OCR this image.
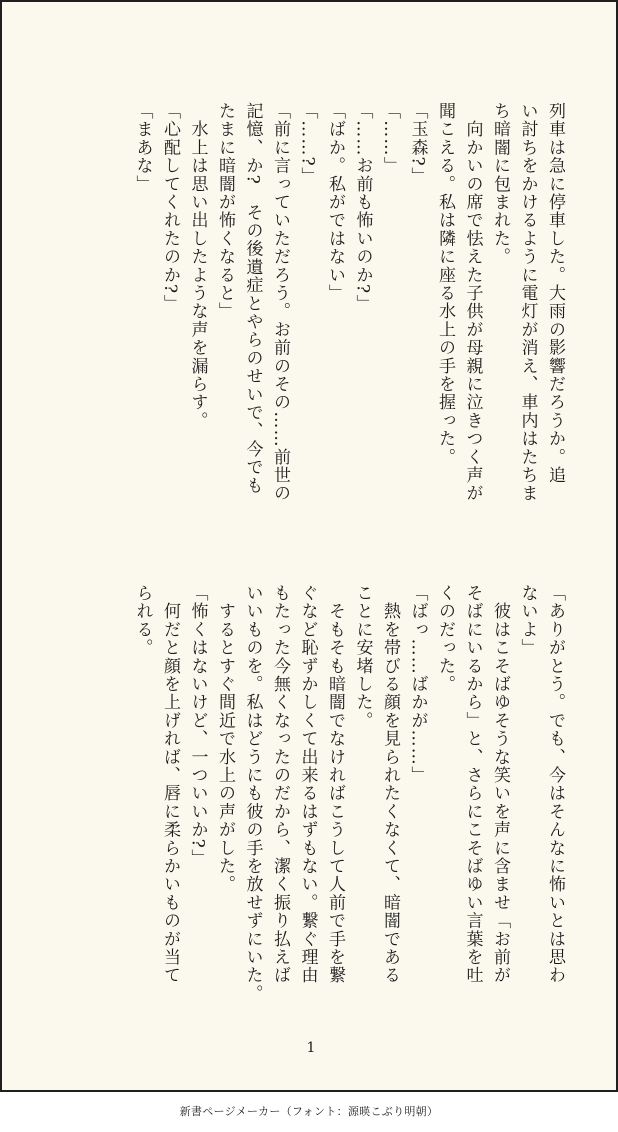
列車は急に停車した。大雨の影響だろうか。追
い討ちをかけるように電灯が消え、車内はたちま
ち暗闇に包まれた。
　向かいの席で怯えた子供が母親に泣きつく声が
聞こえる。私は隣に座る水上の手を握った。
「玉森?」
「……」
「……お前も怖いのか?」
「ばか。私がではない」
「……?」
「前に言っていただろう。お前のその……前世の
記憶、か?　その後遺症とやらのせいで、今でも
たまに暗闇が怖くなると」
　水上は思い出したような声を漏らす。
「心配してくれたのか?」
「まあな」
「ありがとう。でも、今はそんなに怖いとは思わ
ないよ」
　彼はこそばゆそうな笑いを声に含ませ「お前が
そばにいるから」と、さらにこそばゆい言葉を吐
くのだった。
「ばっ……ばかが……」
　熱を帯びる顔を見られたくなくて、暗闇である
ことに安堵した。
　そもそも暗闇でなければこうして人前で手を繋
ぐなど恥ずかしくて出来るはずもない。繋ぐ理由
もたった今無くなったのだから、潔く振り払えば
いいものを。私はどうにも彼の手を放せずにいた。
　するとすぐ間近で水上の声がした。
「怖くはないけど、一ついいか?」
　何だと顔を上げれば、唇に柔らかいものが当て
られる。
1
新書ページメーカー（フォント：源暎こぶり明朝）
